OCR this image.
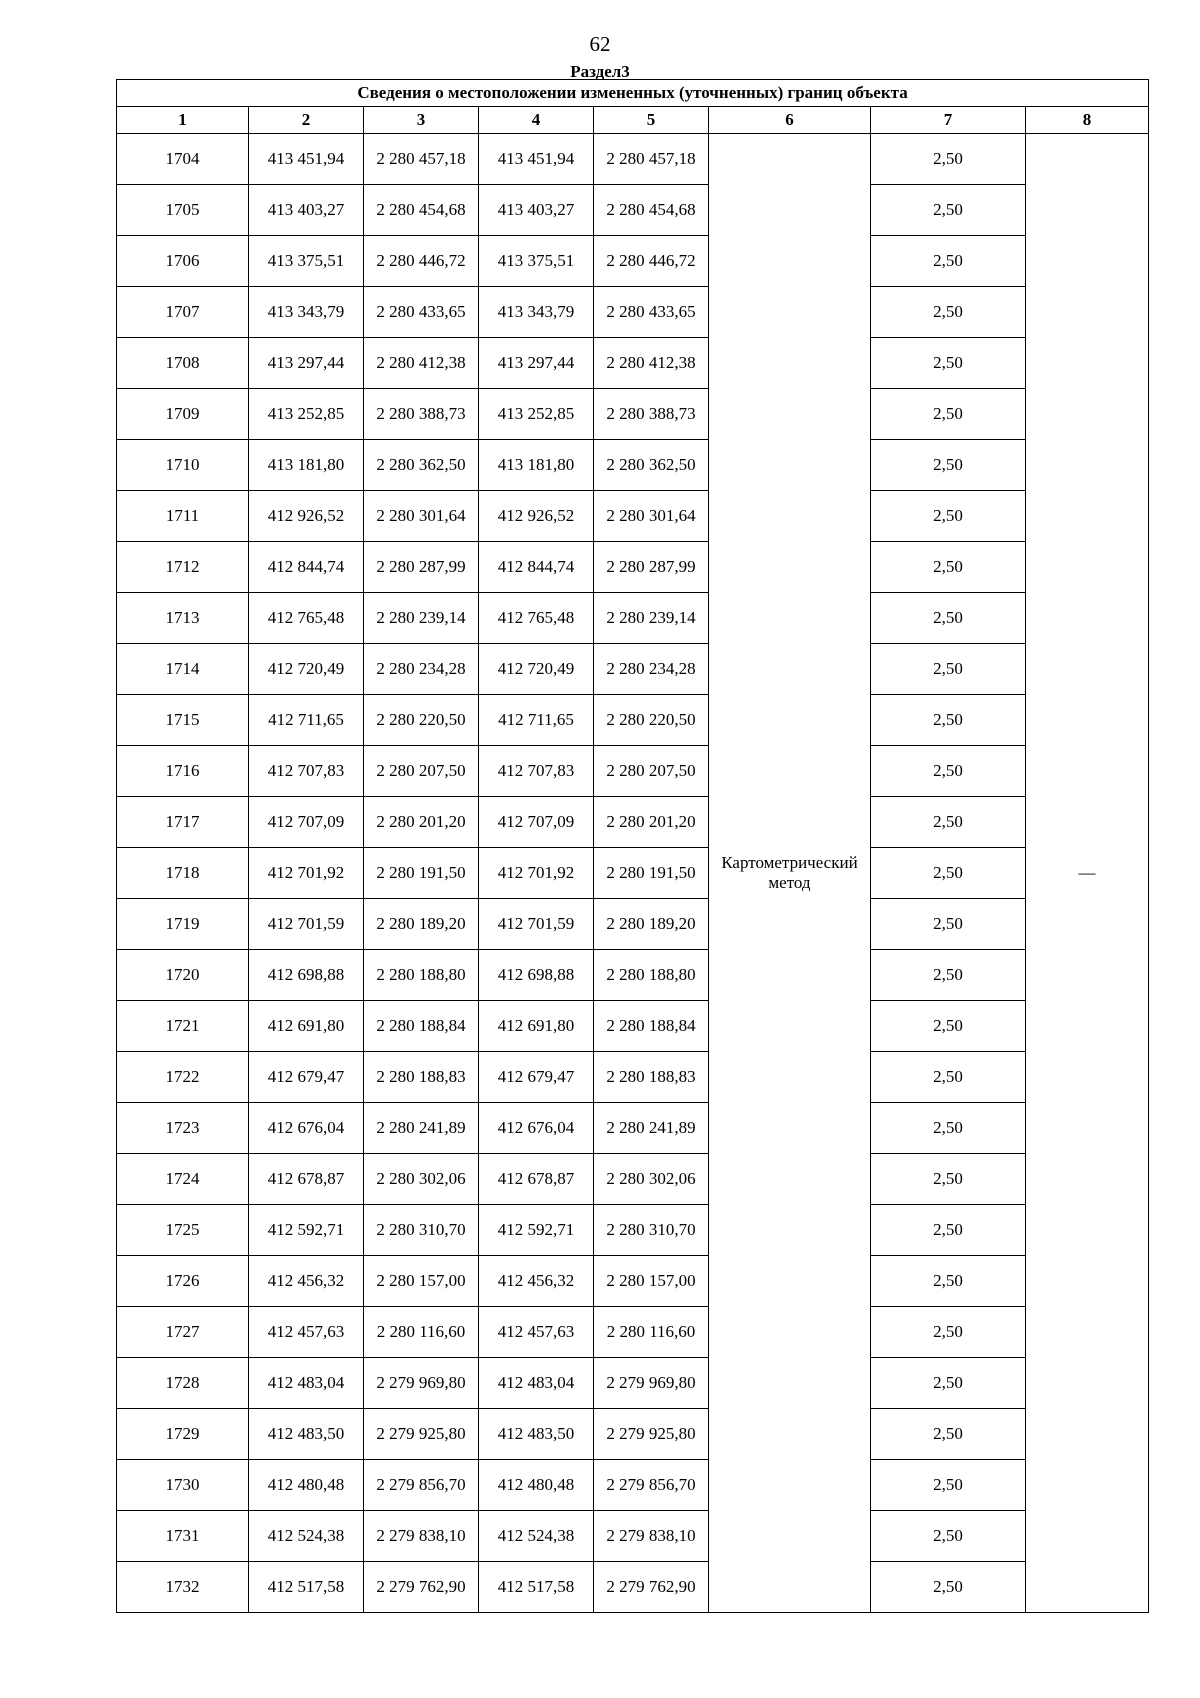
62
Раздел3
Сведения о местоположении измененных (уточненных) границ объекта							
1	2	3	4	5	6	7	8
1704	413 451,94	2 280 457,18	413 451,94	2 280 457,18	Картометрический метод	2,50	—
1705	413 403,27	2 280 454,68	413 403,27	2 280 454,68		2,50	
1706	413 375,51	2 280 446,72	413 375,51	2 280 446,72		2,50	
1707	413 343,79	2 280 433,65	413 343,79	2 280 433,65		2,50	
1708	413 297,44	2 280 412,38	413 297,44	2 280 412,38		2,50	
1709	413 252,85	2 280 388,73	413 252,85	2 280 388,73		2,50	
1710	413 181,80	2 280 362,50	413 181,80	2 280 362,50		2,50	
1711	412 926,52	2 280 301,64	412 926,52	2 280 301,64		2,50	
1712	412 844,74	2 280 287,99	412 844,74	2 280 287,99		2,50	
1713	412 765,48	2 280 239,14	412 765,48	2 280 239,14		2,50	
1714	412 720,49	2 280 234,28	412 720,49	2 280 234,28		2,50	
1715	412 711,65	2 280 220,50	412 711,65	2 280 220,50		2,50	
1716	412 707,83	2 280 207,50	412 707,83	2 280 207,50		2,50	
1717	412 707,09	2 280 201,20	412 707,09	2 280 201,20		2,50	
1718	412 701,92	2 280 191,50	412 701,92	2 280 191,50		2,50	
1719	412 701,59	2 280 189,20	412 701,59	2 280 189,20		2,50	
1720	412 698,88	2 280 188,80	412 698,88	2 280 188,80		2,50	
1721	412 691,80	2 280 188,84	412 691,80	2 280 188,84		2,50	
1722	412 679,47	2 280 188,83	412 679,47	2 280 188,83		2,50	
1723	412 676,04	2 280 241,89	412 676,04	2 280 241,89		2,50	
1724	412 678,87	2 280 302,06	412 678,87	2 280 302,06		2,50	
1725	412 592,71	2 280 310,70	412 592,71	2 280 310,70		2,50	
1726	412 456,32	2 280 157,00	412 456,32	2 280 157,00		2,50	
1727	412 457,63	2 280 116,60	412 457,63	2 280 116,60		2,50	
1728	412 483,04	2 279 969,80	412 483,04	2 279 969,80		2,50	
1729	412 483,50	2 279 925,80	412 483,50	2 279 925,80		2,50	
1730	412 480,48	2 279 856,70	412 480,48	2 279 856,70		2,50	
1731	412 524,38	2 279 838,10	412 524,38	2 279 838,10		2,50	
1732	412 517,58	2 279 762,90	412 517,58	2 279 762,90		2,50	
